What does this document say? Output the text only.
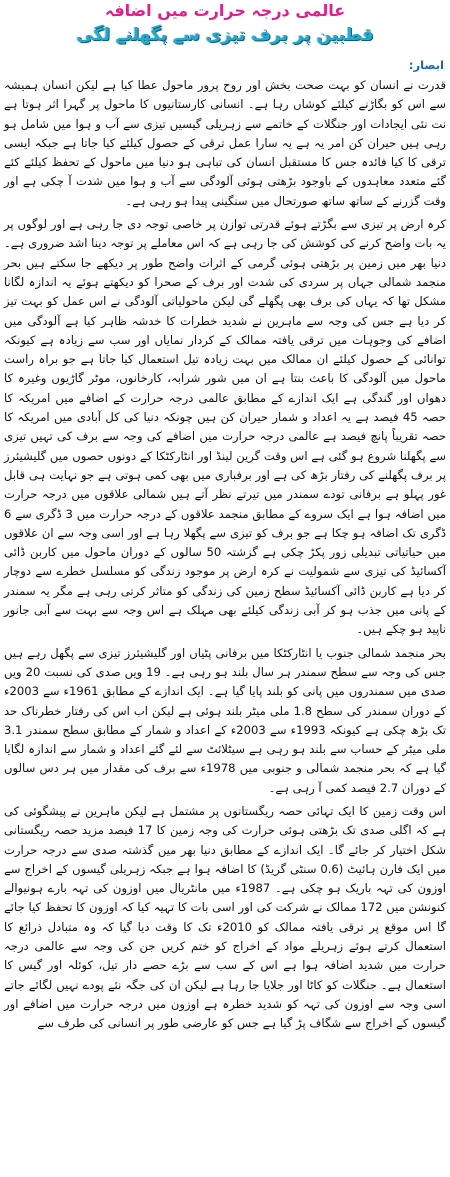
عالمی درجہ حرارت میں اضافہ
قطبین پر برف تیزی سے پگھلنے لگی
ابصار:

قدرت نے انسان کو بہت صحت بخش اور روح پرور ماحول عطا کیا ہے لیکن انسان ہمیشہ سے اس کو بگاڑنے کیلئے کوشاں رہا ہے۔ انسانی کارستانیوں کا ماحول پر گہرا اثر ہوتا ہے نت نئی ایجادات اور جنگلات کے خاتمے سے زہریلی گیسیں تیزی سے آب و ہوا میں شامل ہو رہی ہیں حیران کن امر یہ ہے یہ سارا عمل ترقی کے حصول کیلئے کیا جاتا ہے جبکہ ایسی ترقی کا کیا فائدہ جس کا مستقبل انسان کی تباہی ہو دنیا میں ماحول کے تحفظ کیلئے کئے گئے متعدد معاہدوں کے باوجود بڑھتی ہوئی آلودگی سے آب و ہوا میں شدت آ چکی ہے اور وقت گزرنے کے ساتھ ساتھ صورتحال میں سنگینی پیدا ہو رہی ہے۔

کرہ ارض پر تیزی سے بگڑتے ہوئے قدرتی توازن پر خاصی توجہ دی جا رہی ہے اور لوگوں پر یہ بات واضح کرنے کی کوشش کی جا رہی ہے کہ اس معاملے پر توجہ دینا اشد ضروری ہے۔ دنیا بھر میں زمین پر بڑھتی ہوئی گرمی کے اثرات واضح طور پر دیکھے جا سکتے ہیں بحر منجمد شمالی جہاں پر سردی کی شدت اور برف کے صحرا کو دیکھتے ہوئے یہ اندازہ لگانا مشکل تھا کہ یہاں کی برف بھی پگھلے گی لیکن ماحولیاتی آلودگی نے اس عمل کو بہت تیز کر دیا ہے جس کی وجہ سے ماہرین نے شدید خطرات کا خدشہ ظاہر کیا ہے آلودگی میں اضافے کی وجوہات میں ترقی یافتہ ممالک کے کردار نمایاں اور سب سے زیادہ ہے کیونکہ توانائی کے حصول کیلئے ان ممالک میں بہت زیادہ تیل استعمال کیا جاتا ہے جو براہ راست ماحول میں آلودگی کا باعث بنتا ہے ان میں شور شرابہ، کارخانوں، موٹر گاڑیوں وغیرہ کا دھواں اور گندگی ہے ایک اندازے کے مطابق عالمی درجہ حرارت کے اضافے میں امریکہ کا حصہ 45 فیصد ہے یہ اعداد و شمار حیران کن ہیں چونکہ دنیا کی کل آبادی میں امریکہ کا حصہ تقریباً پانچ فیصد ہے عالمی درجہ حرارت میں اضافے کی وجہ سے برف کی تہیں تیزی سے پگھلنا شروع ہو گئی ہے اس وقت گرین لینڈ اور انٹارکٹکا کے دونوں حصوں میں گلیشیئرز پر برف پگھلنے کی رفتار بڑھ کی ہے اور برفباری میں بھی کمی ہوتی ہے جو نہایت ہی قابل غور پہلو ہے برفانی تودے سمندر میں تیرتے نظر آتے ہیں شمالی علاقوں میں درجہ حرارت میں اضافہ ہوا ہے ایک سروے کے مطابق منجمد علاقوں کے درجہ حرارت میں 3 ڈگری سے 6 ڈگری تک اضافہ ہو چکا ہے جو برف کو تیزی سے پگھلا رہا ہے اور اسی وجہ سے ان علاقوں میں حیاتیاتی تبدیلی زور پکڑ چکی ہے گزشتہ 50 سالوں کے دوران ماحول میں کاربن ڈائی آکسائیڈ کی تیزی سے شمولیت نے کرہ ارض پر موجود زندگی کو مسلسل خطرے سے دوچار کر دیا ہے کاربن ڈائی آکسائیڈ سطح زمین کی زندگی کو متاثر کرتی رہی ہے مگر یہ سمندر کے پانی میں جذب ہو کر آبی زندگی کیلئے بھی مہلک ہے اس وجہ سے بہت سے آبی جانور ناپید ہو چکے ہیں۔

بحر منجمد شمالی جنوب یا انٹارکٹکا میں برفانی پٹیاں اور گلیشیئرز تیزی سے پگھل رہے ہیں جس کی وجہ سے سطح سمندر ہر سال بلند ہو رہی ہے۔ 19 ویں صدی کی نسبت 20 ویں صدی میں سمندروں میں پانی کو بلند پایا گیا ہے۔ ایک اندازے کے مطابق 1961ء سے 2003ء کے دوران سمندر کی سطح 1.8 ملی میٹر بلند ہوئی ہے لیکن اب اس کی رفتار خطرناک حد تک بڑھ چکی ہے کیونکہ 1993ء سے 2003ء کے اعداد و شمار کے مطابق سطح سمندر 3.1 ملی میٹر کے حساب سے بلند ہو رہی ہے سیٹلائٹ سے لئے گئے اعداد و شمار سے اندازہ لگایا گیا ہے کہ بحر منجمد شمالی و جنوبی میں 1978ء سے برف کی مقدار میں ہر دس سالوں کے دوران 2.7 فیصد کمی آ رہی ہے۔

اس وقت زمین کا ایک تہائی حصہ ریگستانوں پر مشتمل ہے لیکن ماہرین نے پیشگوئی کی ہے کہ اگلی صدی تک بڑھتی ہوئی حرارت کی وجہ زمین کا 17 فیصد مزید حصہ ریگستانی شکل اختیار کر جائے گا۔ ایک اندازے کے مطابق دنیا بھر میں گذشتہ صدی سے درجہ حرارت میں ایک فارن ہائیٹ (0.6 سنٹی گریڈ) کا اضافہ ہوا ہے جبکہ زہریلی گیسوں کے اخراج سے اوزون کی تہہ باریک ہو چکی ہے۔ 1987ء میں مانٹریال میں اوزون کی تہہ بارے ہونیوالے کنونشن میں 172 ممالک نے شرکت کی اور اسی بات کا تہیہ کیا کہ اوزون کا تحفظ کیا جائے گا اس موقع پر ترقی یافتہ ممالک کو 2010ء تک کا وقت دیا گیا کہ وہ متبادل ذرائع کا استعمال کرتے ہوئے زہریلے مواد کے اخراج کو ختم کریں جن کی وجہ سے عالمی درجہ حرارت میں شدید اضافہ ہوا ہے اس کے سب سے بڑے حصے دار تیل، کوئلہ اور گیس کا استعمال ہے۔ جنگلات کو کاٹا اور جلایا جا رہا ہے لیکن ان کی جگہ نئے پودے نہیں لگائے جاتے اسی وجہ سے اوزون کی تہہ کو شدید خطرہ ہے اوزون میں درجہ حرارت میں اضافے اور گیسوں کے اخراج سے شگاف پڑ گیا ہے جس کو عارضی طور پر انسانی کی طرف سے
